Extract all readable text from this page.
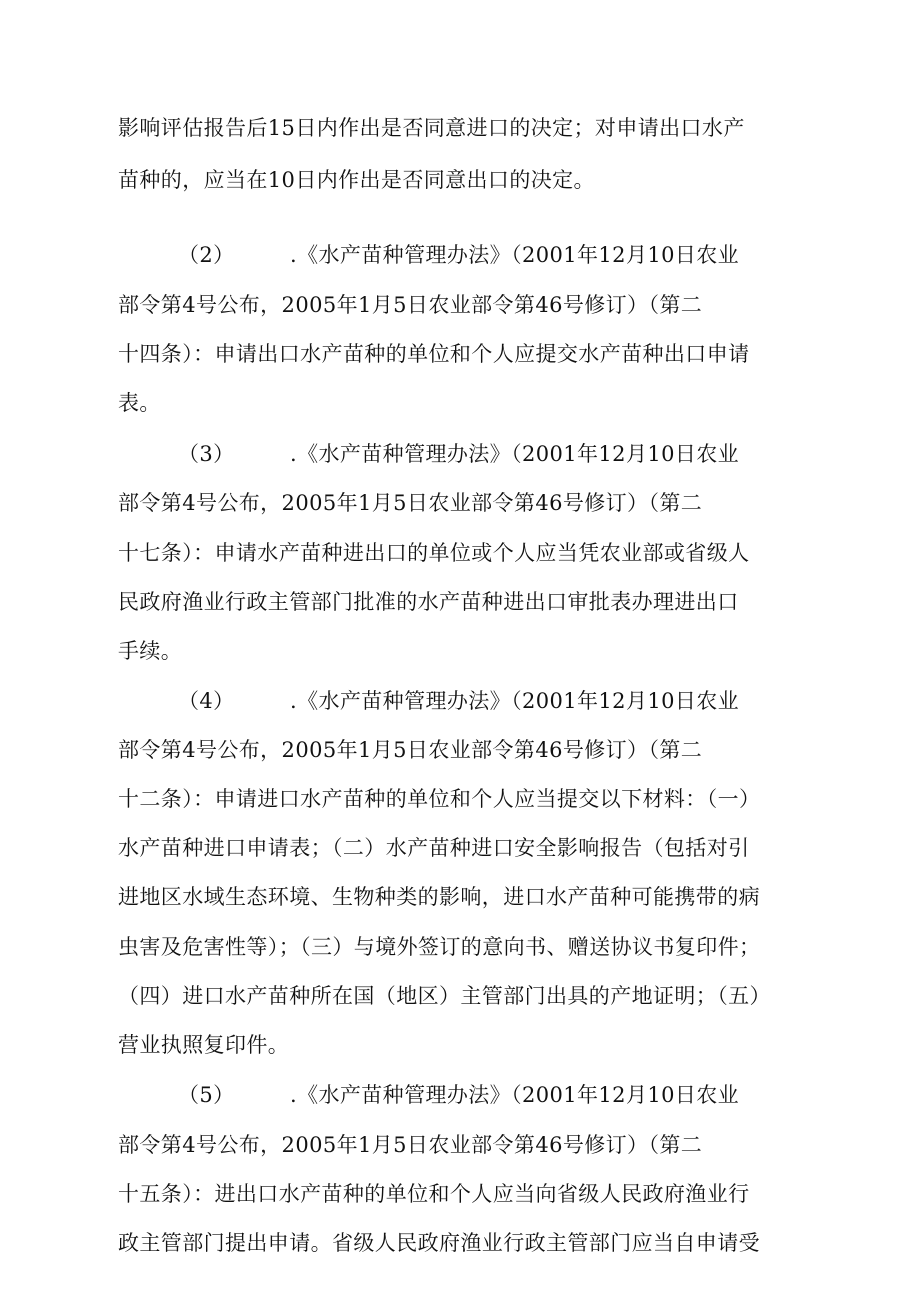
影响评估报告后15日内作出是否同意进口的决定；对申请出口水产
苗种的，应当在10日内作出是否同意出口的决定。
（2）	.《水产苗种管理办法》（2001年12月10日农业
部令第4号公布，2005年1月5日农业部令第46号修订）（第二
十四条）：申请出口水产苗种的单位和个人应提交水产苗种出口申请
表。
（3）	.《水产苗种管理办法》（2001年12月10日农业
部令第4号公布，2005年1月5日农业部令第46号修订）（第二
十七条）：申请水产苗种进出口的单位或个人应当凭农业部或省级人
民政府渔业行政主管部门批准的水产苗种进出口审批表办理进出口
手续。
（4）	.《水产苗种管理办法》（2001年12月10日农业
部令第4号公布，2005年1月5日农业部令第46号修订）（第二
十二条）：申请进口水产苗种的单位和个人应当提交以下材料：（一）
水产苗种进口申请表；（二）水产苗种进口安全影响报告（包括对引
进地区水域生态环境、生物种类的影响，进口水产苗种可能携带的病
虫害及危害性等）；（三）与境外签订的意向书、赠送协议书复印件；
（四）进口水产苗种所在国（地区）主管部门出具的产地证明；（五）
营业执照复印件。
（5）	.《水产苗种管理办法》（2001年12月10日农业
部令第4号公布，2005年1月5日农业部令第46号修订）（第二
十五条）：进出口水产苗种的单位和个人应当向省级人民政府渔业行
政主管部门提出申请。省级人民政府渔业行政主管部门应当自申请受
